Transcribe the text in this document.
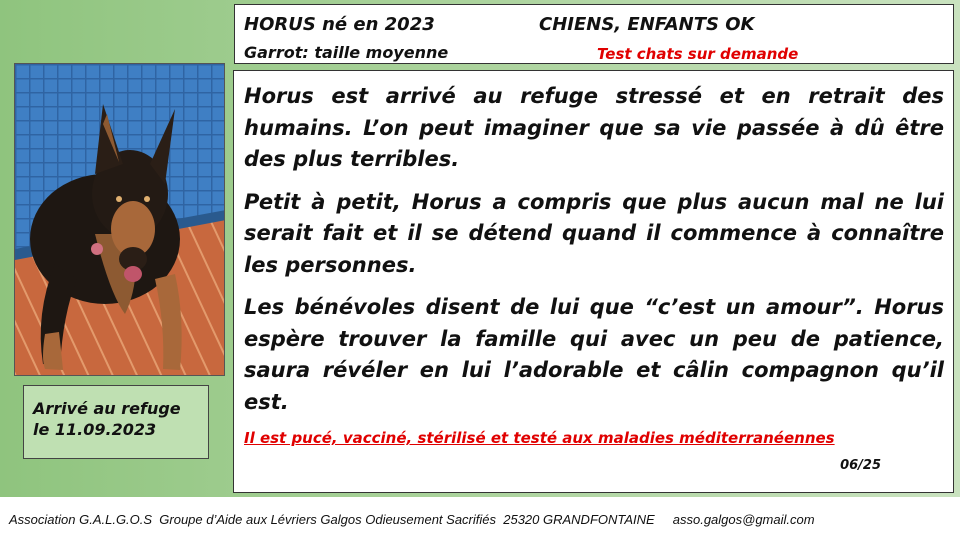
HORUS né en 2023	CHIENS, ENFANTS OK
Garrot: taille moyenne	Test chats sur demande
Arrivé au refuge
le 11.09.2023

Horus est arrivé au refuge stressé et en retrait des humains. L’on peut imaginer que sa vie passée à dû être des plus terribles.

Petit à petit, Horus a compris que plus aucun mal ne lui serait fait et il se détend quand il commence à connaître les personnes.

Les bénévoles disent de lui que “c’est un amour”. Horus espère trouver la famille qui avec un peu de patience, saura révéler en lui l’adorable et câlin compagnon qu’il est.

Il est pucé, vacciné, stérilisé et testé aux maladies méditerranéennes
06/25
Association G.A.L.G.O.S  Groupe d’Aide aux Lévriers Galgos Odieusement Sacrifiés  25320 GRANDFONTAINE     asso.galgos@gmail.com
